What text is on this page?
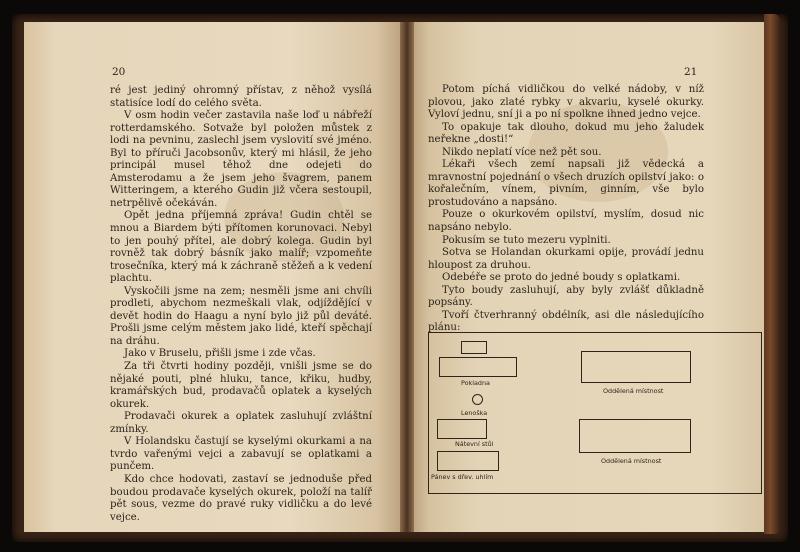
20

ré jest jediný ohromný přístav, z něhož vysílá statisíce lodí do celého světa.

V osm hodin večer zastavila naše loď u nábřeží rotterdamského. Sotvaže byl položen můstek z lodi na pevninu, zaslechl jsem vyslovití své jméno. Byl to příruči Jacobsonův, který mi hlásil, že jeho principál musel těhož dne odejeti do Amsterodamu a že jsem jeho švagrem, panem Witteringem, a kterého Gudin již včera sestoupil, netrpělivě očekáván.

Opět jedna příjemná zpráva! Gudin chtěl se mnou a Biardem býti přítomen korunovaci. Nebyl to jen pouhý přítel, ale dobrý kolega. Gudin byl rovněž tak dobrý básník jako malíř; vzpomeňte trosečníka, který má k záchraně stěžeň a k vedení plachtu.

Vyskočili jsme na zem; nesměli jsme ani chvíli prodleti, abychom nezmeškali vlak, odjíždějící v devět hodin do Haagu a nyní bylo již půl deváté. Prošli jsme celým městem jako lidé, kteří spěchají na dráhu.

Jako v Bruselu, přišli jsme i zde včas.

Za tři čtvrti hodiny později, vnišli jsme se do nějaké pouti, plné hluku, tance, křiku, hudby, kramářských bud, prodavačů oplatek a kyselých okurek.

Prodavači okurek a oplatek zasluhují zvláštní zmínky.

V Holandsku častují se kyselými okurkami a na tvrdo vařenými vejci a zabavují se oplatkami a punčem.

Kdo chce hodovati, zastaví se jednoduše před boudou prodavače kyselých okurek, položí na talíř pět sous, vezme do pravé ruky vidličku a do levé vejce.

21

Potom píchá vidličkou do velké nádoby, v níž plovou, jako zlaté rybky v akvariu, kyselé okurky. Vyloví jednu, sní ji a po ní spolkne ihned jedno vejce.

To opakuje tak dlouho, dokud mu jeho žaludek neřekne „dosti!“

Nikdo neplatí více než pět sou.

Lékaři všech zemí napsali již vědecká a mravnostní pojednání o všech druzích opilství jako: o kořalečním, vínem, pivním, ginním, vše bylo prostudováno a napsáno.

Pouze o okurkovém opilství, myslím, dosud nic napsáno nebylo.

Pokusím se tuto mezeru vyplniti.

Sotva se Holandan okurkami opije, provádí jednu hloupost za druhou.

Odebéře se proto do jedné boudy s oplatkami.

Tyto boudy zasluhují, aby byly zvlášť důkladně popsány.

Tvoří čtverhranný obdélník, asi dle následujícího plánu:

Pokladna
Lenoška
Nátevní stůl
Pánev s dřev. uhlím
Oddělená místnost
Oddělená místnost
